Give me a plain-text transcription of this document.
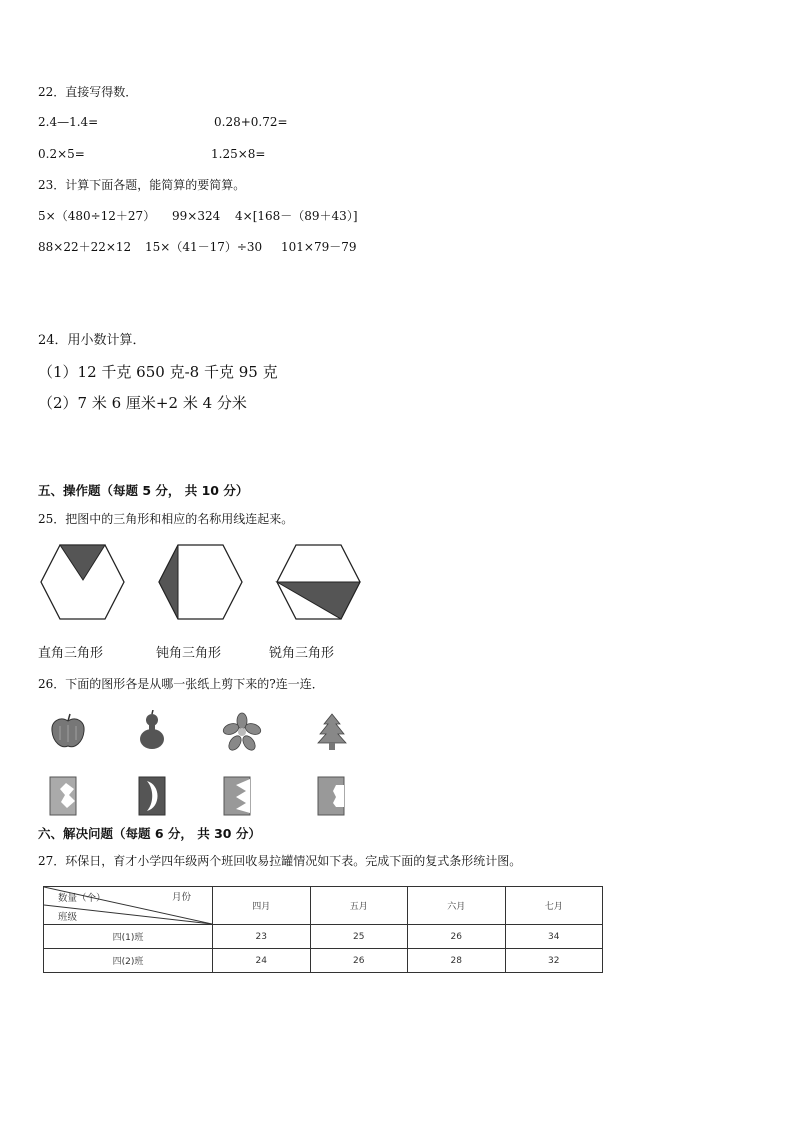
22．直接写得数．
2.4—1.4=	0.28+0.72=
0.2×5=	1.25×8=
23．计算下面各题，能简算的要简算。
5×（480÷12＋27） 99×324 4×[168－（89＋43）]
88×22＋22×12 15×（41－17）÷30 101×79－79
24．用小数计算．
（1）12 千克 650 克-8 千克 95 克
（2）7 米 6 厘米+2 米 4 分米
五、操作题（每题 5 分， 共 10 分）
25．把图中的三角形和相应的名称用线连起来。
直角三角形	钝角三角形	锐角三角形
26．下面的图形各是从哪一张纸上剪下来的?连一连．
六、解决问题（每题 6 分， 共 30 分）
27．环保日，育才小学四年级两个班回收易拉罐情况如下表。完成下面的复式条形统计图。
数量（个） 月份
班级	四月	五月	六月	七月
四(1)班	23	25	26	34
四(2)班	24	26	28	32
